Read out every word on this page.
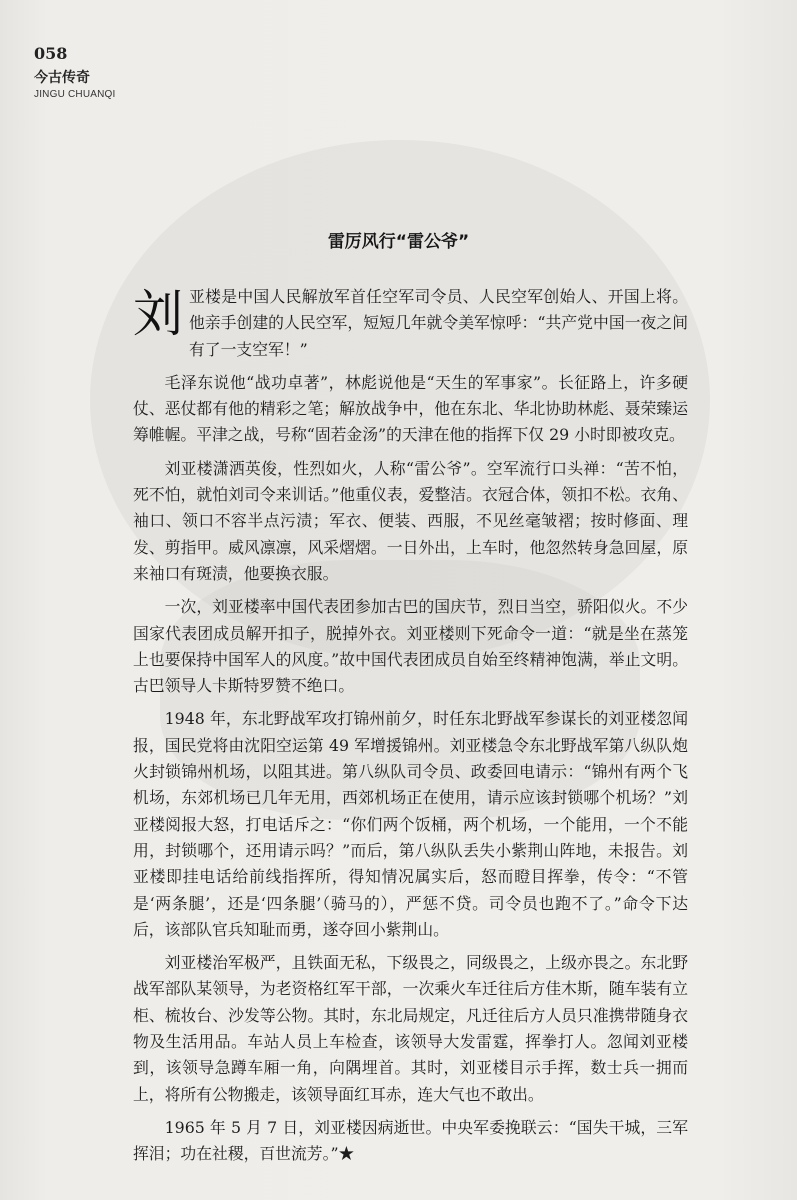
058
今古传奇
JINGU CHUANQI
雷厉风行“雷公爷”

刘亚楼是中国人民解放军首任空军司令员、人民空军创始人、开国上将。他亲手创建的人民空军，短短几年就令美军惊呼：“共产党中国一夜之间有了一支空军！”

毛泽东说他“战功卓著”，林彪说他是“天生的军事家”。长征路上，许多硬仗、恶仗都有他的精彩之笔；解放战争中，他在东北、华北协助林彪、聂荣臻运筹帷幄。平津之战，号称“固若金汤”的天津在他的指挥下仅 29 小时即被攻克。

刘亚楼潇洒英俊，性烈如火，人称“雷公爷”。空军流行口头禅：“苦不怕，死不怕，就怕刘司令来训话。”他重仪表，爱整洁。衣冠合体，领扣不松。衣角、袖口、领口不容半点污渍；军衣、便装、西服，不见丝毫皱褶；按时修面、理发、剪指甲。威风凛凛，风采熠熠。一日外出，上车时，他忽然转身急回屋，原来袖口有斑渍，他要换衣服。

一次，刘亚楼率中国代表团参加古巴的国庆节，烈日当空，骄阳似火。不少国家代表团成员解开扣子，脱掉外衣。刘亚楼则下死命令一道：“就是坐在蒸笼上也要保持中国军人的风度。”故中国代表团成员自始至终精神饱满，举止文明。古巴领导人卡斯特罗赞不绝口。

1948 年，东北野战军攻打锦州前夕，时任东北野战军参谋长的刘亚楼忽闻报，国民党将由沈阳空运第 49 军增援锦州。刘亚楼急令东北野战军第八纵队炮火封锁锦州机场，以阻其进。第八纵队司令员、政委回电请示：“锦州有两个飞机场，东郊机场已几年无用，西郊机场正在使用，请示应该封锁哪个机场？”刘亚楼阅报大怒，打电话斥之：“你们两个饭桶，两个机场，一个能用，一个不能用，封锁哪个，还用请示吗？”而后，第八纵队丢失小紫荆山阵地，未报告。刘亚楼即挂电话给前线指挥所，得知情况属实后，怒而瞪目挥拳，传令：“不管是‘两条腿’，还是‘四条腿’（骑马的），严惩不贷。司令员也跑不了。”命令下达后，该部队官兵知耻而勇，遂夺回小紫荆山。

刘亚楼治军极严，且铁面无私，下级畏之，同级畏之，上级亦畏之。东北野战军部队某领导，为老资格红军干部，一次乘火车迁往后方佳木斯，随车装有立柜、梳妆台、沙发等公物。其时，东北局规定，凡迁往后方人员只准携带随身衣物及生活用品。车站人员上车检查，该领导大发雷霆，挥拳打人。忽闻刘亚楼到，该领导急蹲车厢一角，向隅埋首。其时，刘亚楼目示手挥，数士兵一拥而上，将所有公物搬走，该领导面红耳赤，连大气也不敢出。

1965 年 5 月 7 日，刘亚楼因病逝世。中央军委挽联云：“国失干城，三军挥泪；功在社稷，百世流芳。”★
